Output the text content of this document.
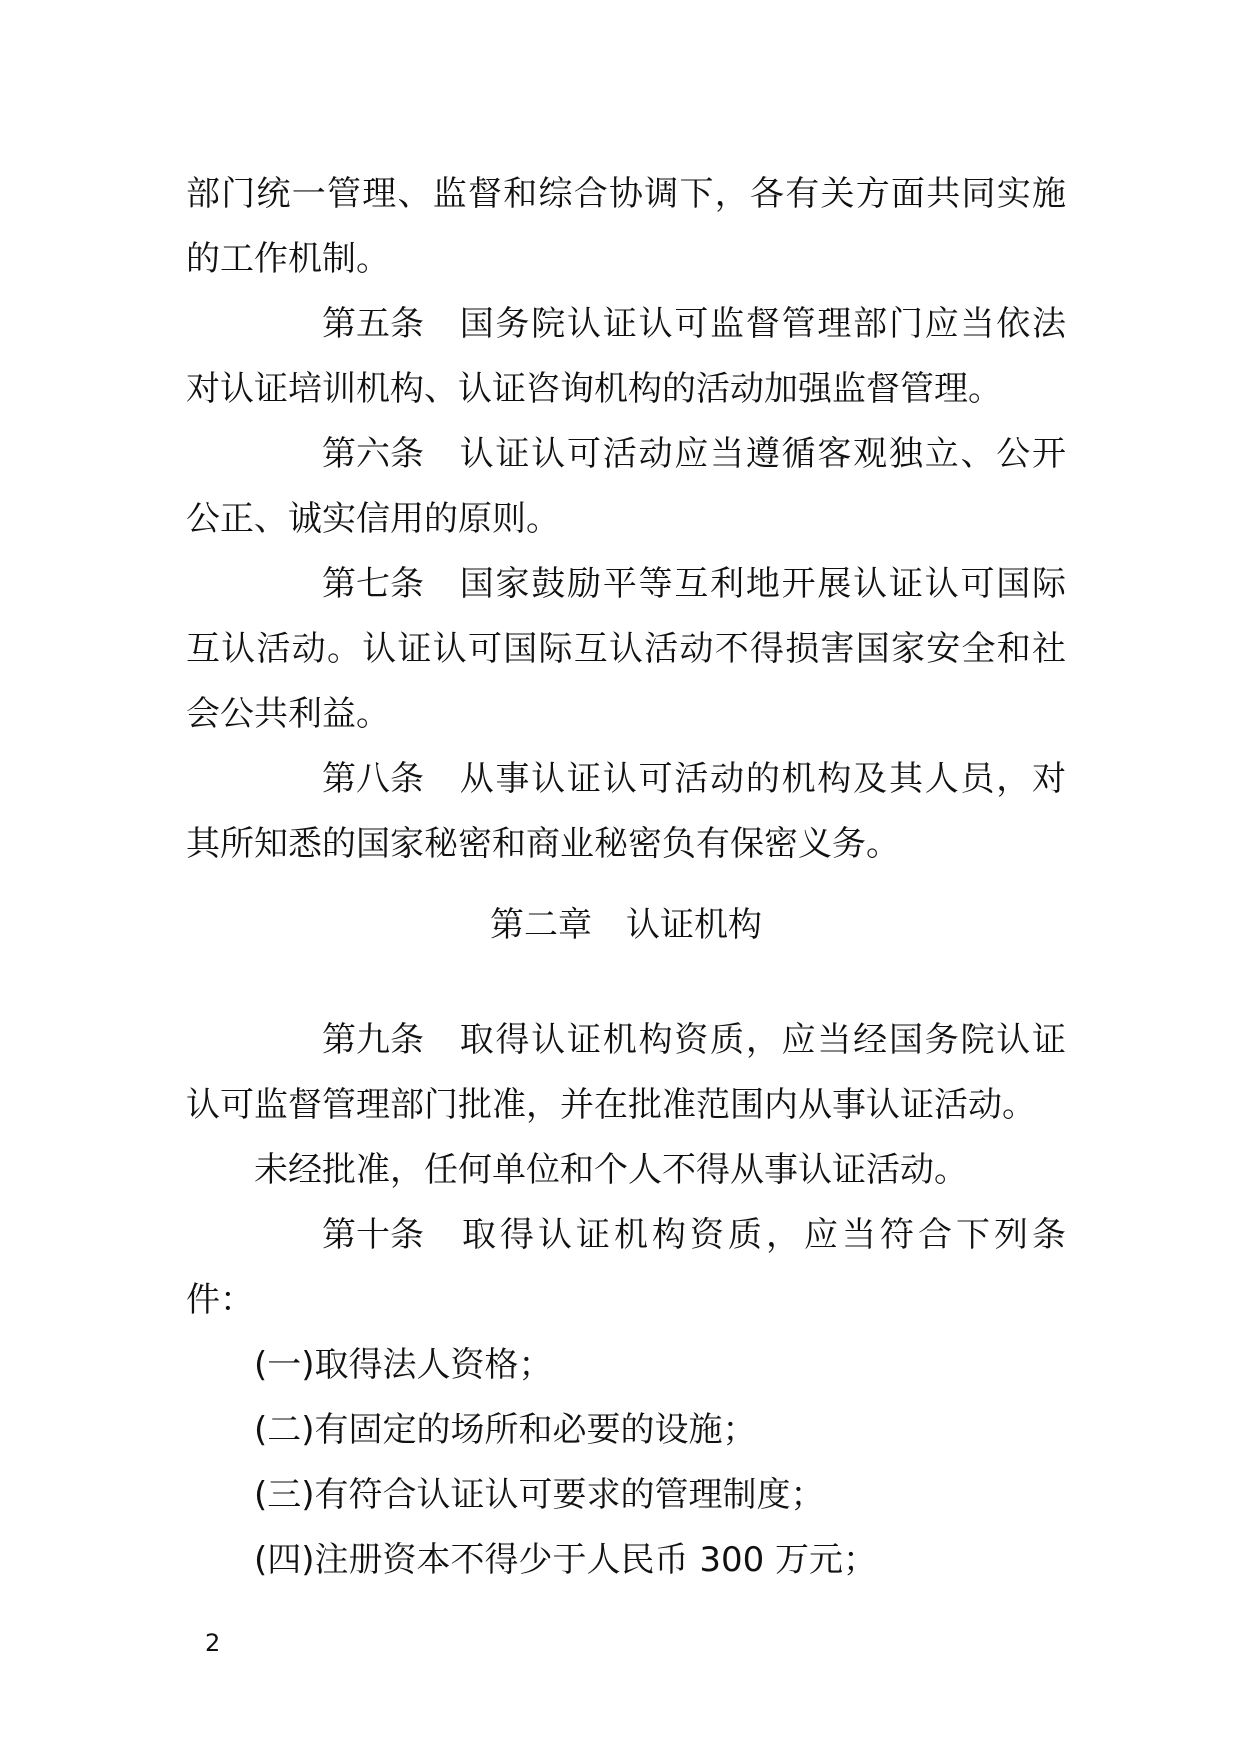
部门统一管理、监督和综合协调下，各有关方面共同实施的工作机制。

第五条 国务院认证认可监督管理部门应当依法对认证培训机构、认证咨询机构的活动加强监督管理。

第六条 认证认可活动应当遵循客观独立、公开公正、诚实信用的原则。

第七条 国家鼓励平等互利地开展认证认可国际互认活动。认证认可国际互认活动不得损害国家安全和社会公共利益。

第八条 从事认证认可活动的机构及其人员，对其所知悉的国家秘密和商业秘密负有保密义务。

第二章 认证机构

第九条 取得认证机构资质，应当经国务院认证认可监督管理部门批准，并在批准范围内从事认证活动。

未经批准，任何单位和个人不得从事认证活动。

第十条 取得认证机构资质，应当符合下列条件：

(一)取得法人资格；

(二)有固定的场所和必要的设施；

(三)有符合认证认可要求的管理制度；

(四)注册资本不得少于人民币 300 万元；

2
